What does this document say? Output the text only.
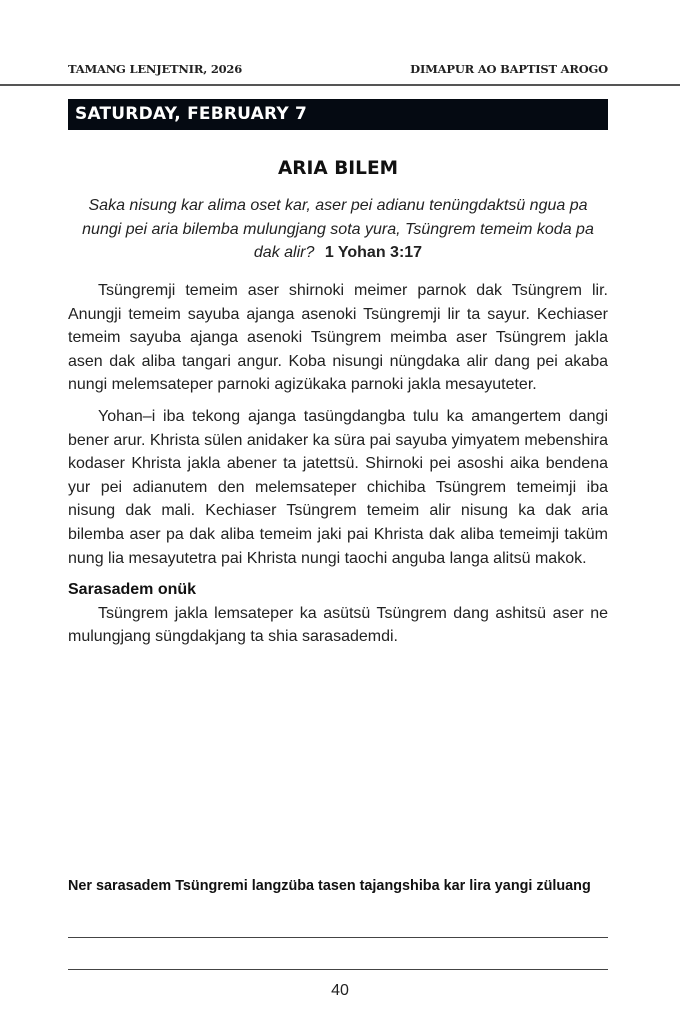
TAMANG LENJETNIR, 2026	DIMAPUR AO BAPTIST AROGO
SATURDAY, FEBRUARY 7
ARIA BILEM
Saka nisung kar alima oset kar, aser pei adianu tenüngdaktsü ngua pa nungi pei aria bilemba mulungjang sota yura, Tsüngrem temeim koda pa dak alir? 1 Yohan 3:17

Tsüngremji temeim aser shirnoki meimer parnok dak Tsüngrem lir. Anungji temeim sayuba ajanga asenoki Tsüngremji lir ta sayur. Kechiaser temeim sayuba ajanga asenoki Tsüngrem meimba aser Tsüngrem jakla asen dak aliba tangari angur. Koba nisungi nüngdaka alir dang pei akaba nungi melemsateper parnoki agizükaka parnoki jakla mesayuteter.

Yohan–i iba tekong ajanga tasüngdangba tulu ka amangertem dangi bener arur. Khrista sülen anidaker ka süra pai sayuba yimyatem mebenshira kodaser Khrista jakla abener ta jatettsü. Shirnoki pei asoshi aika bendena yur pei adianutem den melemsateper chichiba Tsüngrem temeimji iba nisung dak mali. Kechiaser Tsüngrem temeim alir nisung ka dak aria bilemba aser pa dak aliba temeim jaki pai Khrista dak aliba temeimji taküm nung lia mesayutetra pai Khrista nungi taochi anguba langa alitsü makok.

Sarasadem onük

Tsüngrem jakla lemsateper ka asütsü Tsüngrem dang ashitsü aser ne mulungjang süngdakjang ta shia sarasademdi.

Ner sarasadem Tsüngremi langzüba tasen tajangshiba kar lira yangi züluang
40
